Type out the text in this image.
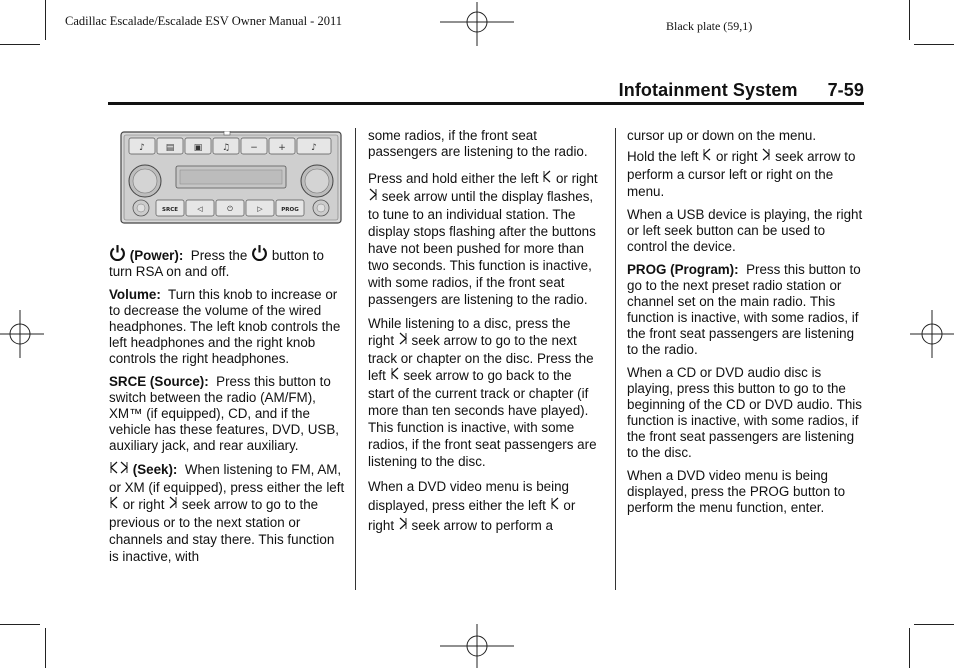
Cadillac Escalade/Escalade ESV Owner Manual - 2011	Black plate (59,1)
Infotainment System 7-59
♪ ▤ ▣ ♫ − +	♪
SRCE	◁	⏻	▷	PROG

(Power): Press the button to turn RSA on and off.

Volume: Turn this knob to increase or to decrease the volume of the wired headphones. The left knob controls the left headphones and the right knob controls the right headphones.

SRCE (Source): Press this button to switch between the radio (AM/FM), XM™ (if equipped), CD, and if the vehicle has these features, DVD, USB, auxiliary jack, and rear auxiliary.

(Seek): When listening to FM, AM, or XM (if equipped), press either the left  or right seek arrow to go to the previous or to the next station or channels and stay there. This function is inactive, with

some radios, if the front seat passengers are listening to the radio.

Press and hold either the left or right  seek arrow until the display flashes, to tune to an individual station. The display stops flashing after the buttons have not been pushed for more than two seconds. This function is inactive, with some radios, if the front seat passengers are listening to the radio.

While listening to a disc, press the right seek arrow to go to the next track or chapter on the disc. Press the left seek arrow to go back to the start of the current track or chapter (if more than ten seconds have played). This function is inactive, with some radios, if the front seat passengers are listening to the disc.

When a DVD video menu is being displayed, press either the left or right seek arrow to perform a

cursor up or down on the menu.

Hold the left or right seek arrow to perform a cursor left or right on the menu.

When a USB device is playing, the right or left seek button can be used to control the device.

PROG (Program): Press this button to go to the next preset radio station or channel set on the main radio. This function is inactive, with some radios, if the front seat passengers are listening to the radio.

When a CD or DVD audio disc is playing, press this button to go to the beginning of the CD or DVD audio. This function is inactive, with some radios, if the front seat passengers are listening to the disc.

When a DVD video menu is being displayed, press the PROG button to perform the menu function, enter.
